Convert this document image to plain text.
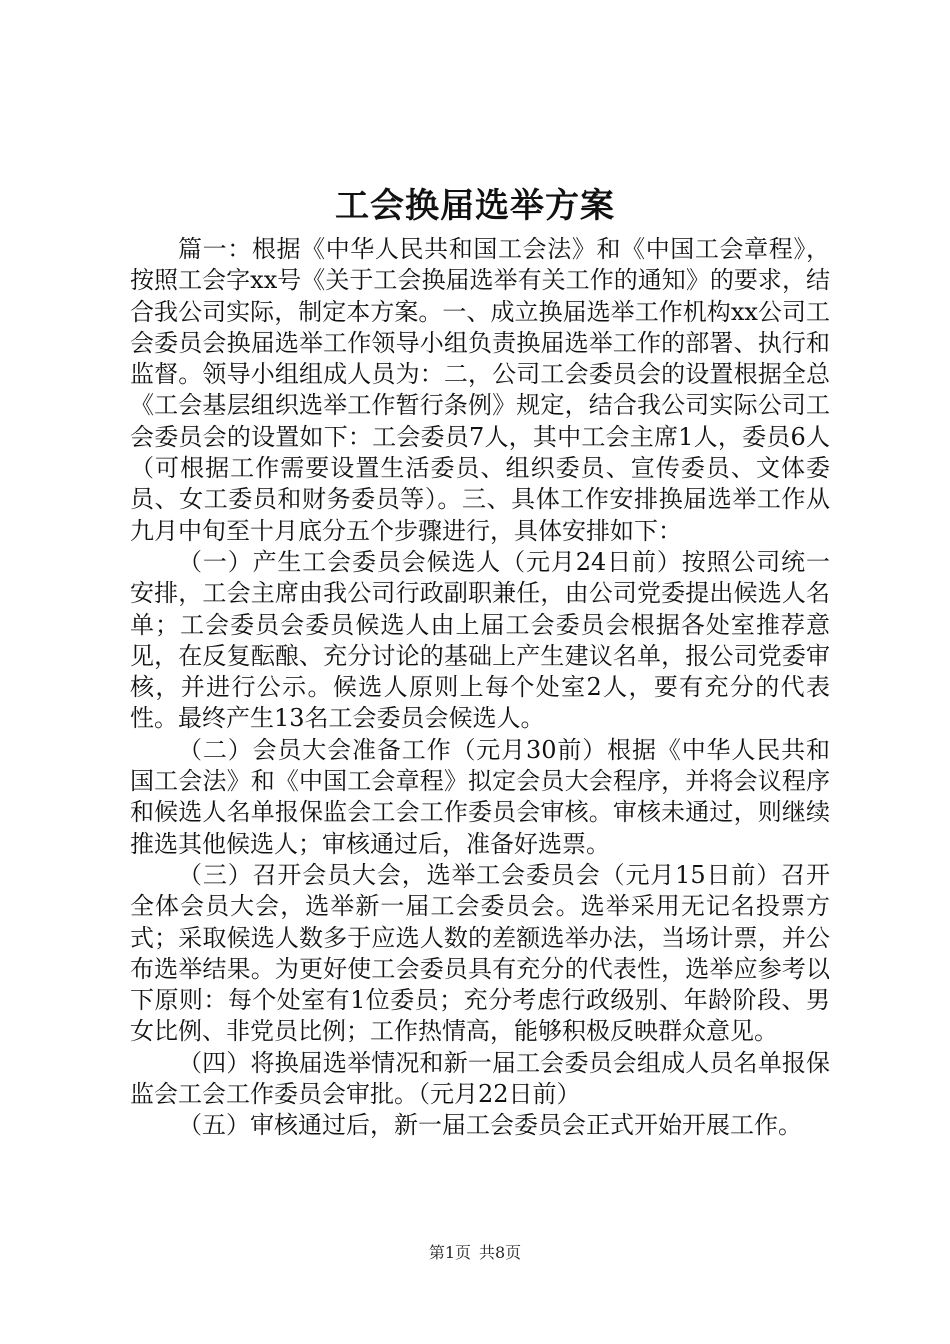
工会换届选举方案

篇一：根据《中华人民共和国工会法》和《中国工会章程》，按照工会字xx号《关于工会换届选举有关工作的通知》的要求，结合我公司实际，制定本方案。一、成立换届选举工作机构xx公司工会委员会换届选举工作领导小组负责换届选举工作的部署、执行和监督。领导小组组成人员为：二，公司工会委员会的设置根据全总《工会基层组织选举工作暂行条例》规定，结合我公司实际公司工会委员会的设置如下：工会委员7人，其中工会主席1人，委员6人（可根据工作需要设置生活委员、组织委员、宣传委员、文体委员、女工委员和财务委员等）。三、具体工作安排换届选举工作从九月中旬至十月底分五个步骤进行，具体安排如下：

（一）产生工会委员会候选人（元月24日前）按照公司统一安排，工会主席由我公司行政副职兼任，由公司党委提出候选人名单；工会委员会委员候选人由上届工会委员会根据各处室推荐意见，在反复酝酿、充分讨论的基础上产生建议名单，报公司党委审核，并进行公示。候选人原则上每个处室2人，要有充分的代表性。最终产生13名工会委员会候选人。

（二）会员大会准备工作（元月30前）根据《中华人民共和国工会法》和《中国工会章程》拟定会员大会程序，并将会议程序和候选人名单报保监会工会工作委员会审核。审核未通过，则继续推选其他候选人；审核通过后，准备好选票。

（三）召开会员大会，选举工会委员会（元月15日前）召开全体会员大会，选举新一届工会委员会。选举采用无记名投票方式；采取候选人数多于应选人数的差额选举办法，当场计票，并公布选举结果。为更好使工会委员具有充分的代表性，选举应参考以下原则：每个处室有1位委员；充分考虑行政级别、年龄阶段、男女比例、非党员比例；工作热情高，能够积极反映群众意见。

（四）将换届选举情况和新一届工会委员会组成人员名单报保监会工会工作委员会审批。（元月22日前）

（五）审核通过后，新一届工会委员会正式开始开展工作。

第1页 共8页
